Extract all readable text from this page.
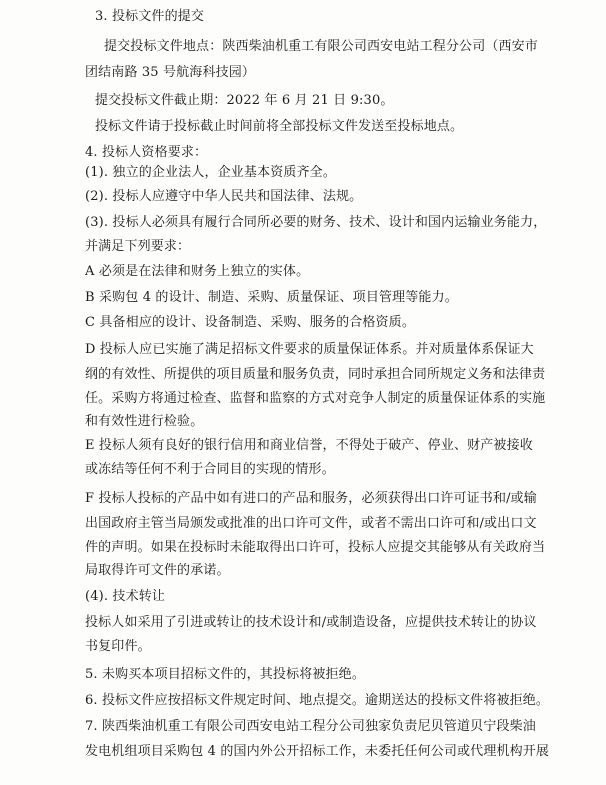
3. 投标文件的提交
提交投标文件地点：陕西柴油机重工有限公司西安电站工程分公司（西安市
团结南路 35 号航海科技园）
提交投标文件截止期：2022 年 6 月 21 日 9:30。
投标文件请于投标截止时间前将全部投标文件发送至投标地点。
4. 投标人资格要求：
(1). 独立的企业法人，企业基本资质齐全。
(2). 投标人应遵守中华人民共和国法律、法规。
(3). 投标人必须具有履行合同所必要的财务、技术、设计和国内运输业务能力，
并满足下列要求：
A 必须是在法律和财务上独立的实体。
B 采购包 4 的设计、制造、采购、质量保证、项目管理等能力。
C 具备相应的设计、设备制造、采购、服务的合格资质。
D 投标人应已实施了满足招标文件要求的质量保证体系。并对质量体系保证大
纲的有效性、所提供的项目质量和服务负责，同时承担合同所规定义务和法律责
任。采购方将通过检查、监督和监察的方式对竞争人制定的质量保证体系的实施
和有效性进行检验。
E 投标人须有良好的银行信用和商业信誉，不得处于破产、停业、财产被接收
或冻结等任何不利于合同目的实现的情形。
F 投标人投标的产品中如有进口的产品和服务，必须获得出口许可证书和/或输
出国政府主管当局颁发或批准的出口许可文件，或者不需出口许可和/或出口文
件的声明。如果在投标时未能取得出口许可，投标人应提交其能够从有关政府当
局取得许可文件的承诺。
(4). 技术转让
投标人如采用了引进或转让的技术设计和/或制造设备，应提供技术转让的协议
书复印件。
5. 未购买本项目招标文件的，其投标将被拒绝。
6. 投标文件应按招标文件规定时间、地点提交。逾期送达的投标文件将被拒绝。
7. 陕西柴油机重工有限公司西安电站工程分公司独家负责尼贝管道贝宁段柴油
发电机组项目采购包 4 的国内外公开招标工作，未委托任何公司或代理机构开展
